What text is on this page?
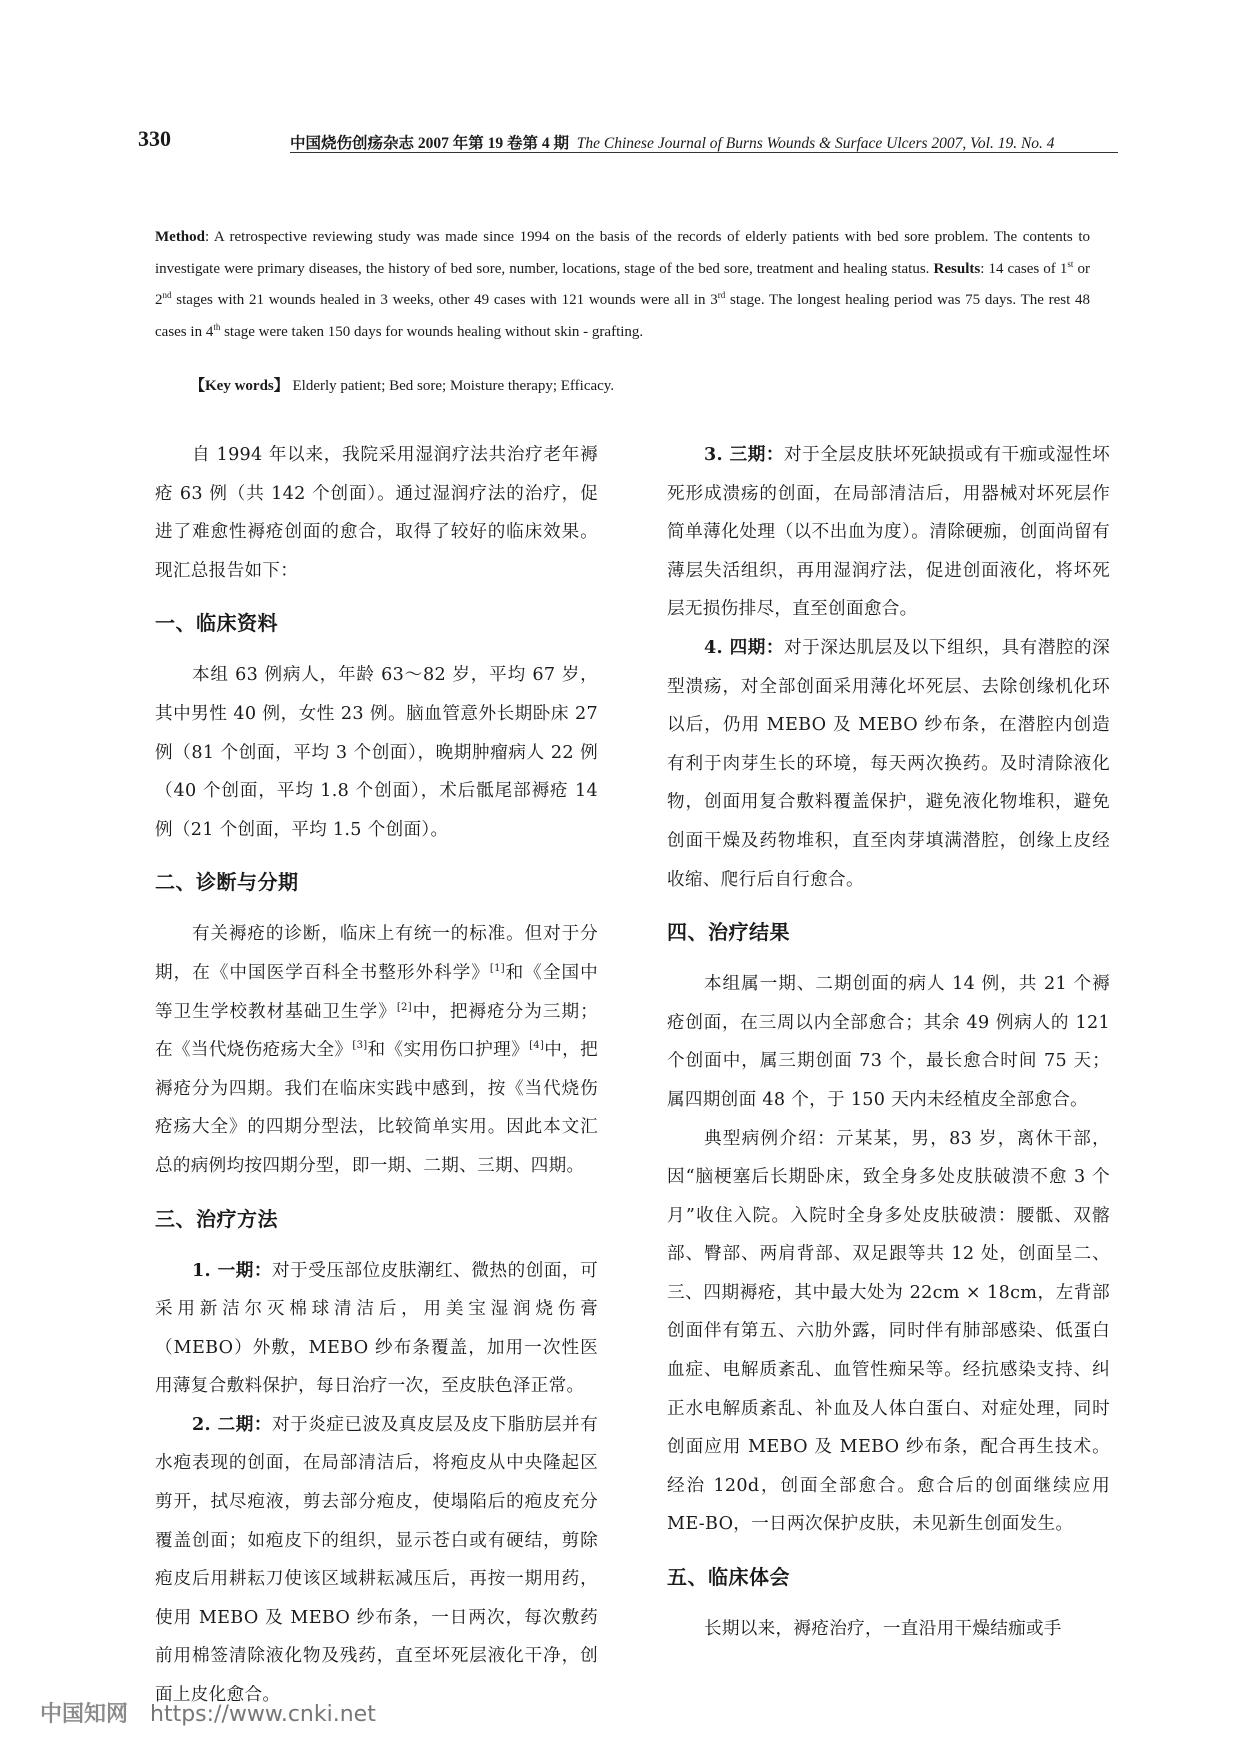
330	中国烧伤创疡杂志 2007 年第 19 卷第 4 期 The Chinese Journal of Burns Wounds & Surface Ulcers 2007, Vol. 19. No. 4
Method: A retrospective reviewing study was made since 1994 on the basis of the records of elderly patients with bed sore problem. The contents to investigate were primary diseases, the history of bed sore, number, locations, stage of the bed sore, treatment and healing status. Results: 14 cases of 1st or 2nd stages with 21 wounds healed in 3 weeks, other 49 cases with 121 wounds were all in 3rd stage. The longest healing period was 75 days. The rest 48 cases in 4th stage were taken 150 days for wounds healing without skin - grafting.
【Key words】 Elderly patient; Bed sore; Moisture therapy; Efficacy.

自 1994 年以来，我院采用湿润疗法共治疗老年褥疮 63 例（共 142 个创面）。通过湿润疗法的治疗，促进了难愈性褥疮创面的愈合，取得了较好的临床效果。现汇总报告如下：

一、临床资料

本组 63 例病人，年龄 63～82 岁，平均 67 岁，其中男性 40 例，女性 23 例。脑血管意外长期卧床 27 例（81 个创面，平均 3 个创面），晚期肿瘤病人 22 例（40 个创面，平均 1.8 个创面），术后骶尾部褥疮 14 例（21 个创面，平均 1.5 个创面）。

二、诊断与分期

有关褥疮的诊断，临床上有统一的标准。但对于分期，在《中国医学百科全书整形外科学》[1]和《全国中等卫生学校教材基础卫生学》[2]中，把褥疮分为三期；在《当代烧伤疮疡大全》[3]和《实用伤口护理》[4]中，把褥疮分为四期。我们在临床实践中感到，按《当代烧伤疮疡大全》的四期分型法，比较简单实用。因此本文汇总的病例均按四期分型，即一期、二期、三期、四期。

三、治疗方法

1. 一期：对于受压部位皮肤潮红、微热的创面，可采用新洁尔灭棉球清洁后，用美宝湿润烧伤膏（MEBO）外敷，MEBO 纱布条覆盖，加用一次性医用薄复合敷料保护，每日治疗一次，至皮肤色泽正常。

2. 二期：对于炎症已波及真皮层及皮下脂肪层并有水疱表现的创面，在局部清洁后，将疱皮从中央隆起区剪开，拭尽疱液，剪去部分疱皮，使塌陷后的疱皮充分覆盖创面；如疱皮下的组织，显示苍白或有硬结，剪除疱皮后用耕耘刀使该区域耕耘减压后，再按一期用药，使用 MEBO 及 MEBO 纱布条，一日两次，每次敷药前用棉签清除液化物及残药，直至坏死层液化干净，创面上皮化愈合。

3. 三期：对于全层皮肤坏死缺损或有干痂或湿性坏死形成溃疡的创面，在局部清洁后，用器械对坏死层作简单薄化处理（以不出血为度）。清除硬痂，创面尚留有薄层失活组织，再用湿润疗法，促进创面液化，将坏死层无损伤排尽，直至创面愈合。

4. 四期：对于深达肌层及以下组织，具有潜腔的深型溃疡，对全部创面采用薄化坏死层、去除创缘机化环以后，仍用 MEBO 及 MEBO 纱布条，在潜腔内创造有利于肉芽生长的环境，每天两次换药。及时清除液化物，创面用复合敷料覆盖保护，避免液化物堆积，避免创面干燥及药物堆积，直至肉芽填满潜腔，创缘上皮经收缩、爬行后自行愈合。

四、治疗结果

本组属一期、二期创面的病人 14 例，共 21 个褥疮创面，在三周以内全部愈合；其余 49 例病人的 121 个创面中，属三期创面 73 个，最长愈合时间 75 天；属四期创面 48 个，于 150 天内未经植皮全部愈合。

典型病例介绍：亓某某，男，83 岁，离休干部，因“脑梗塞后长期卧床，致全身多处皮肤破溃不愈 3 个月”收住入院。入院时全身多处皮肤破溃：腰骶、双髂部、臀部、两肩背部、双足跟等共 12 处，创面呈二、三、四期褥疮，其中最大处为 22cm × 18cm，左背部创面伴有第五、六肋外露，同时伴有肺部感染、低蛋白血症、电解质紊乱、血管性痴呆等。经抗感染支持、纠正水电解质紊乱、补血及人体白蛋白、对症处理，同时创面应用 MEBO 及 MEBO 纱布条，配合再生技术。经治 120d，创面全部愈合。愈合后的创面继续应用 ME-BO，一日两次保护皮肤，未见新生创面发生。

五、临床体会

长期以来，褥疮治疗，一直沿用干燥结痂或手

中国知网 https://www.cnki.net
